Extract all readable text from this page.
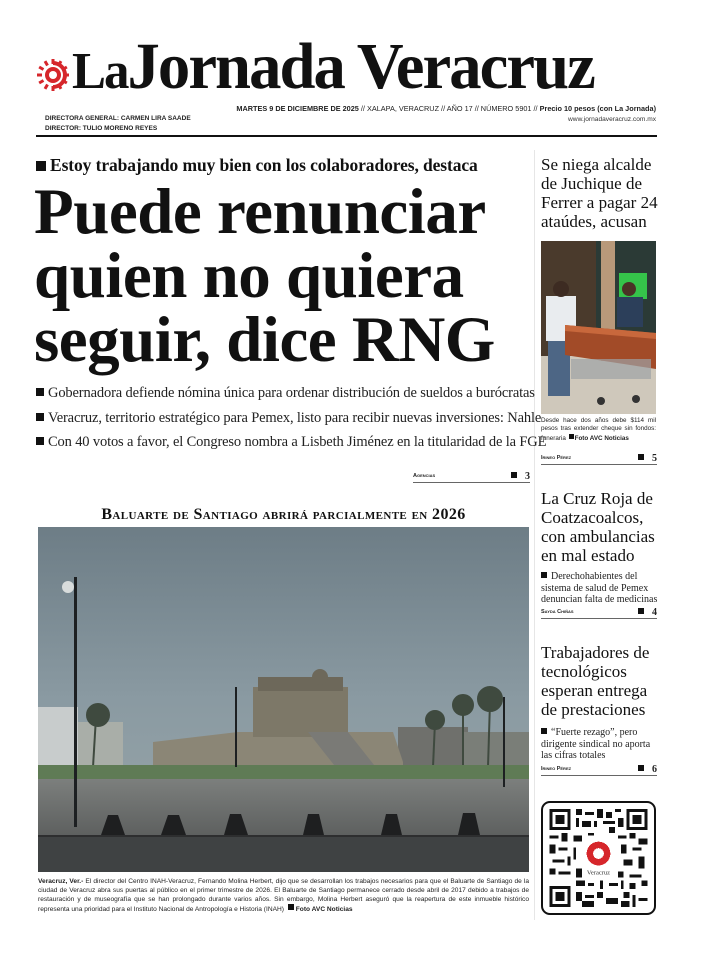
LaJornada Veracruz
DIRECTORA GENERAL: CARMEN LIRA SAADE
DIRECTOR: TULIO MORENO REYES
MARTES 9 DE DICIEMBRE DE 2025 // XALAPA, VERACRUZ // AÑO 17 // NÚMERO 5901 // Precio 10 pesos (con La Jornada)
www.jornadaveracruz.com.mx
Estoy trabajando muy bien con los colaboradores, destaca
Puede renunciar
quien no quiera
seguir, dice RNG
Gobernadora defiende nómina única para ordenar distribución de sueldos a burócratas
Veracruz, territorio estratégico para Pemex, listo para recibir nuevas inversiones: Nahle
Con 40 votos a favor, el Congreso nombra a Lisbeth Jiménez en la titularidad de la FGE
Agencias	3
Baluarte de Santiago abrirá parcialmente en 2026
Veracruz, Ver.- El director del Centro INAH-Veracruz, Fernando Molina Herbert, dijo que se desarrollan los trabajos necesarios para que el Baluarte de Santiago de la ciudad de Veracruz abra sus puertas al público en el primer trimestre de 2026. El Baluarte de Santiago permanece cerrado desde abril de 2017 debido a trabajos de restauración y de museografía que se han prolongado durante varios años. Sin embargo, Molina Herbert aseguró que la reapertura de este inmueble histórico representa una prioridad para el Instituto Nacional de Antropología e Historia (INAH) Foto AVC Noticias
Se niega alcalde de Juchique de Ferrer a pagar 24 ataúdes, acusan
Desde hace dos años debe $114 mil pesos tras extender cheque sin fondos: funeraria Foto AVC Noticias
Irineo Pérez	5
La Cruz Roja de Coatzacoalcos, con ambulancias en mal estado
Derechohabientes del sistema de salud de Pemex denuncian falta de medicinas
Sayda Chiñas	4
Trabajadores de tecnológicos esperan entrega de prestaciones
“Fuerte rezago”, pero dirigente sindical no aporta las cifras totales
Irineo Pérez	6
Veracruz
